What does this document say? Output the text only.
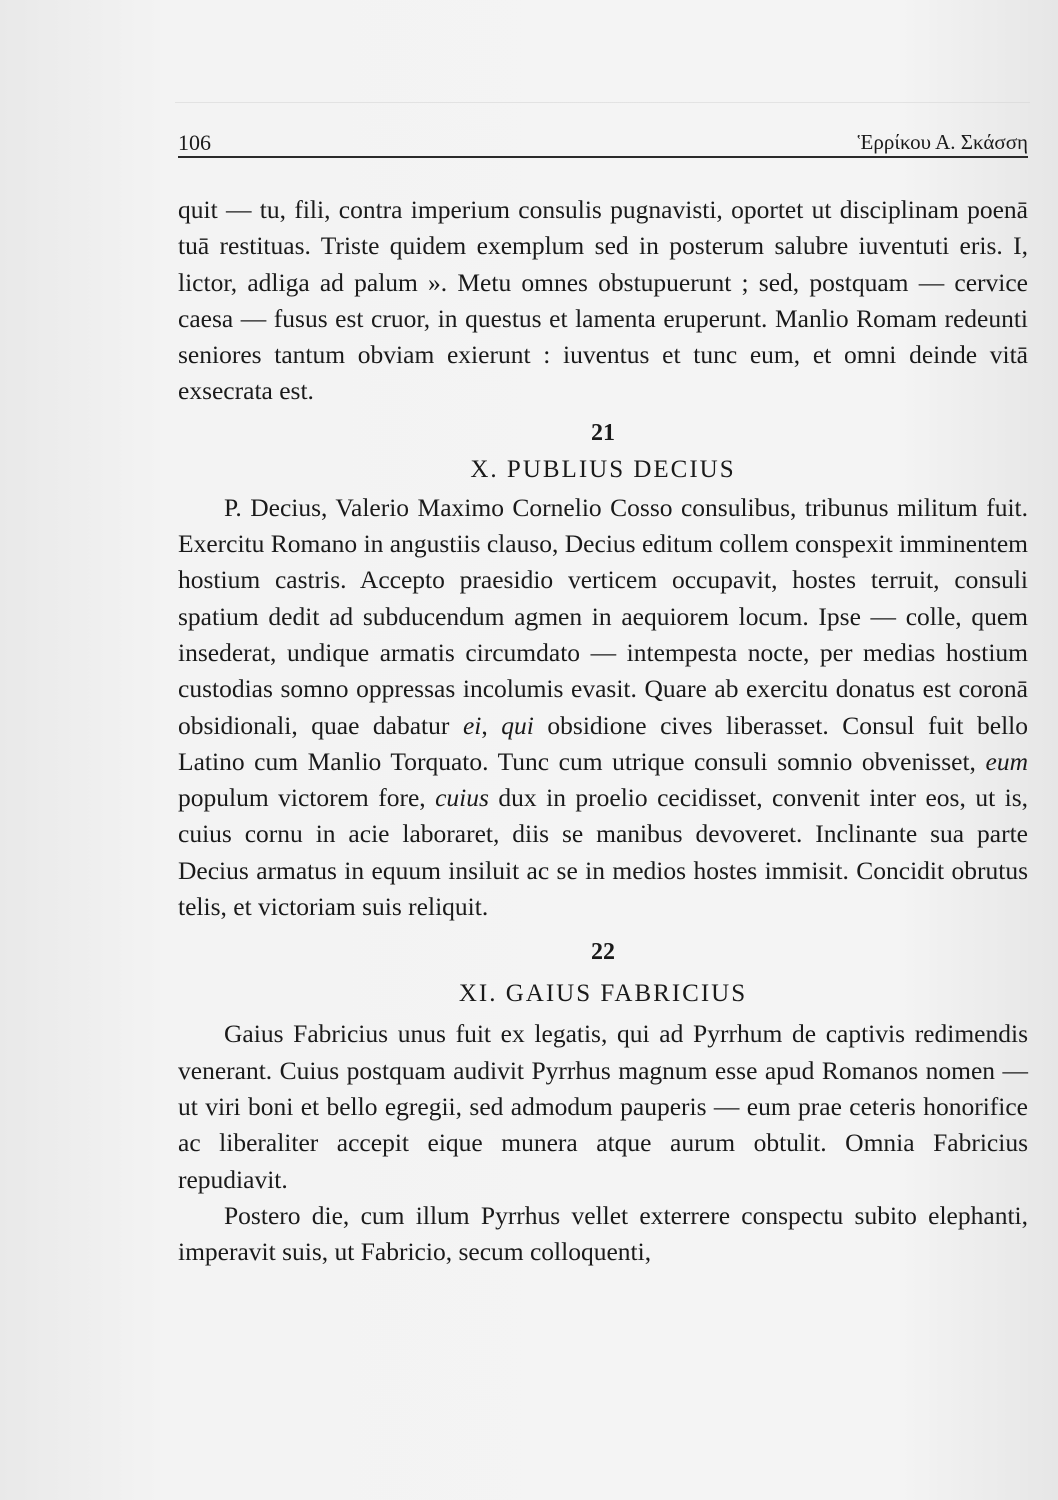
106	Ἑρρίκου Α. Σκάσση

quit — tu, fili, contra imperium consulis pugnavisti, oportet ut disciplinam poenā tuā restituas. Triste quidem exemplum sed in posterum salubre iuventuti eris. I, lictor, adliga ad palum ». Metu omnes obstupuerunt ; sed, postquam — cervice caesa — fusus est cruor, in questus et lamenta eruperunt. Manlio Romam redeunti seniores tantum obviam exierunt : iuventus et tunc eum, et omni deinde vitā exsecrata est.

21
X. PUBLIUS DECIUS

P. Decius, Valerio Maximo Cornelio Cosso consulibus, tribunus militum fuit. Exercitu Romano in angustiis clauso, Decius editum collem conspexit imminentem hostium castris. Accepto praesidio verticem occupavit, hostes terruit, consuli spatium dedit ad subducendum agmen in aequiorem locum. Ipse — colle, quem insederat, undique armatis circumdato — intempesta nocte, per medias hostium custodias somno oppressas incolumis evasit. Quare ab exercitu donatus est coronā obsidionali, quae dabatur ei, qui obsidione cives liberasset. Consul fuit bello Latino cum Manlio Torquato. Tunc cum utrique consuli somnio obvenisset, eum populum victorem fore, cuius dux in proelio cecidisset, convenit inter eos, ut is, cuius cornu in acie laboraret, diis se manibus devoveret. Inclinante sua parte Decius armatus in equum insiluit ac se in medios hostes immisit. Concidit obrutus telis, et victoriam suis reliquit.

22
XI. GAIUS FABRICIUS

Gaius Fabricius unus fuit ex legatis, qui ad Pyrrhum de captivis redimendis venerant. Cuius postquam audivit Pyrrhus magnum esse apud Romanos nomen — ut viri boni et bello egregii, sed admodum pauperis — eum prae ceteris honorifice ac liberaliter accepit eique munera atque aurum obtulit. Omnia Fabricius repudiavit.

Postero die, cum illum Pyrrhus vellet exterrere conspectu subito elephanti, imperavit suis, ut Fabricio, secum colloquenti,
